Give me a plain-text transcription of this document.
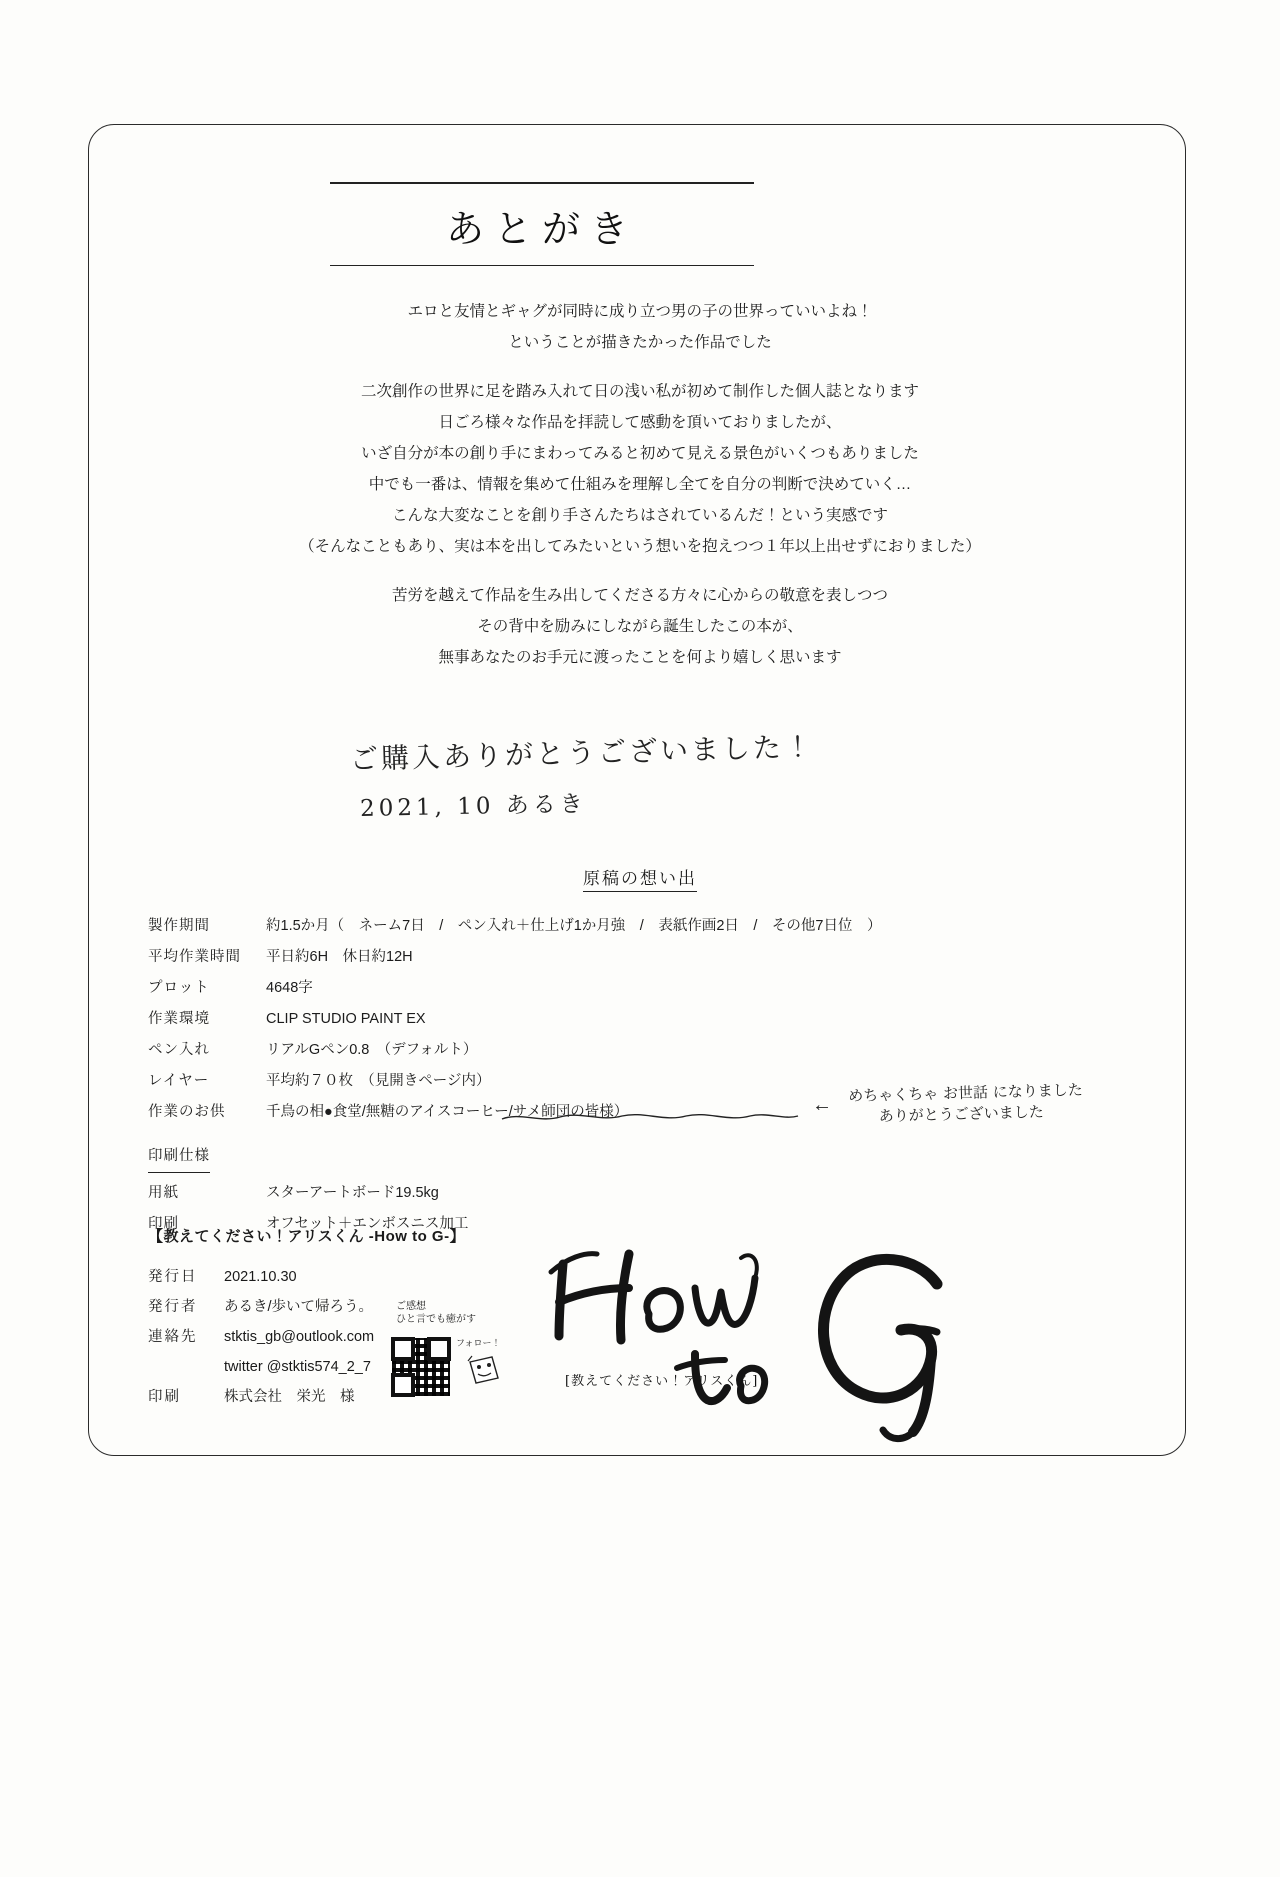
あとがき
エロと友情とギャグが同時に成り立つ男の子の世界っていいよね！
ということが描きたかった作品でした
二次創作の世界に足を踏み入れて日の浅い私が初めて制作した個人誌となります
日ごろ様々な作品を拝読して感動を頂いておりましたが、
いざ自分が本の創り手にまわってみると初めて見える景色がいくつもありました
中でも一番は、情報を集めて仕組みを理解し全てを自分の判断で決めていく…
こんな大変なことを創り手さんたちはされているんだ！という実感です
（そんなこともあり、実は本を出してみたいという想いを抱えつつ１年以上出せずにおりました）
苦労を越えて作品を生み出してくださる方々に心からの敬意を表しつつ
その背中を励みにしながら誕生したこの本が、
無事あなたのお手元に渡ったことを何より嬉しく思います
ご購入ありがとうございました！
2021, 10 あるき
原稿の想い出
製作期間	約1.5か月（　ネーム7日　/　ペン入れ＋仕上げ1か月強　/　表紙作画2日　/　その他7日位　）
平均作業時間	平日約6H　休日約12H
プロット	4648字
作業環境	CLIP STUDIO PAINT EX
ペン入れ	リアルGペン0.8　（デフォルト）
レイヤー	平均約７０枚　（見開きページ内）
作業のお供	千鳥の相●食堂/無糖のアイスコーヒー/サメ師団の皆様）
印刷仕様
用紙	スターアートボード19.5kg
印刷	オフセット＋エンボスニス加工
←
めちゃくちゃ お世話 になりました
ありがとうございました
【教えてください！アリスくん -How to G-】
発行日	2021.10.30
発行者	あるき/歩いて帰ろう。
連絡先	stktis_gb@outlook.com
twitter @stktis574_2_7
印刷	株式会社　栄光　様
ご感想
ひと言でも癒がす
フォロー！
[教えてください！アリスくん]
